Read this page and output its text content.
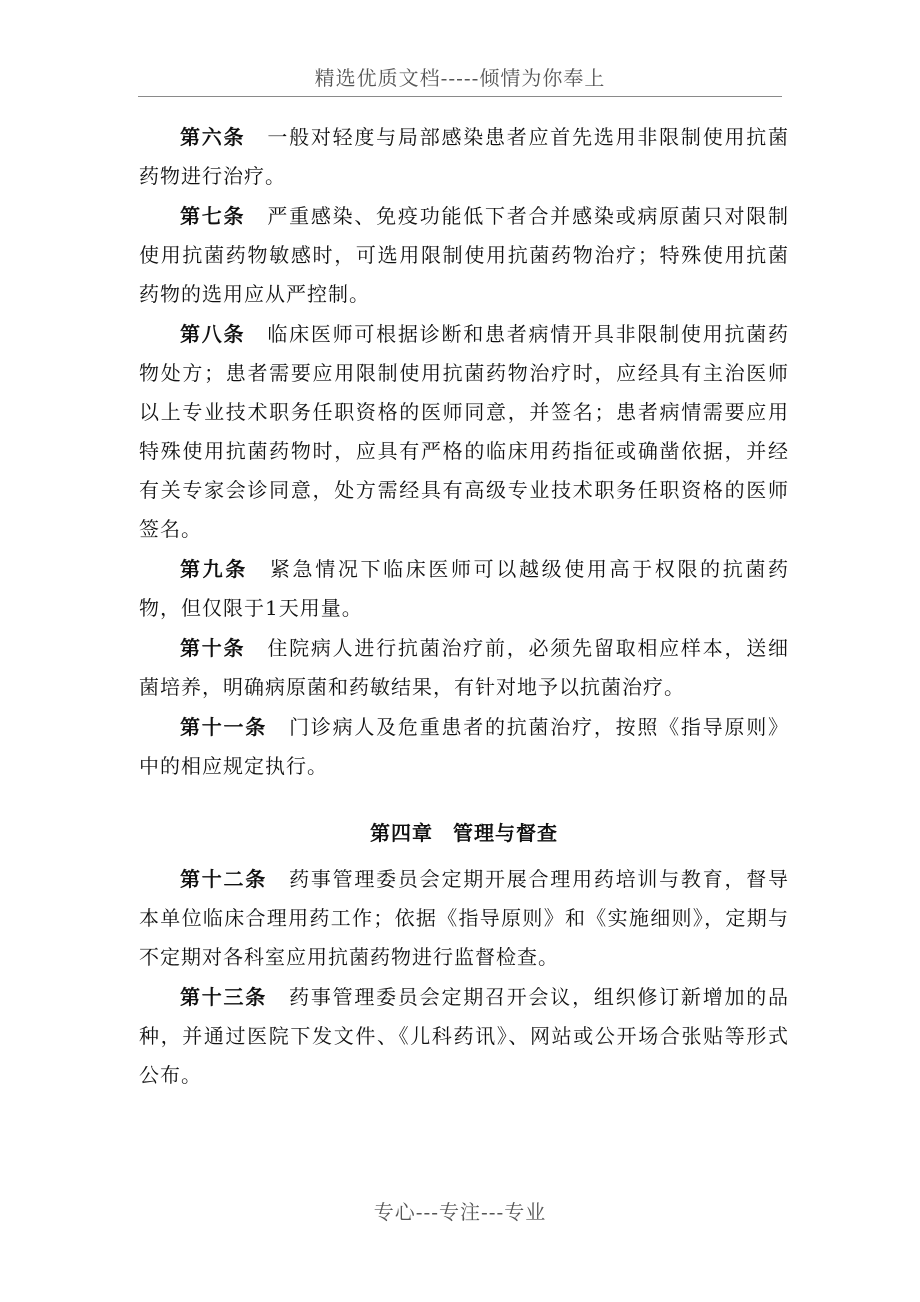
精选优质文档-----倾情为你奉上

第六条 一般对轻度与局部感染患者应首先选用非限制使用抗菌药物进行治疗。

第七条 严重感染、免疫功能低下者合并感染或病原菌只对限制使用抗菌药物敏感时，可选用限制使用抗菌药物治疗；特殊使用抗菌药物的选用应从严控制。

第八条 临床医师可根据诊断和患者病情开具非限制使用抗菌药物处方；患者需要应用限制使用抗菌药物治疗时，应经具有主治医师以上专业技术职务任职资格的医师同意，并签名；患者病情需要应用特殊使用抗菌药物时，应具有严格的临床用药指征或确凿依据，并经有关专家会诊同意，处方需经具有高级专业技术职务任职资格的医师签名。

第九条 紧急情况下临床医师可以越级使用高于权限的抗菌药物，但仅限于1天用量。

第十条 住院病人进行抗菌治疗前，必须先留取相应样本，送细菌培养，明确病原菌和药敏结果，有针对地予以抗菌治疗。

第十一条 门诊病人及危重患者的抗菌治疗，按照《指导原则》中的相应规定执行。

第四章 管理与督查

第十二条 药事管理委员会定期开展合理用药培训与教育，督导本单位临床合理用药工作；依据《指导原则》和《实施细则》，定期与不定期对各科室应用抗菌药物进行监督检查。

第十三条 药事管理委员会定期召开会议，组织修订新增加的品种，并通过医院下发文件、《儿科药讯》、网站或公开场合张贴等形式公布。

专心---专注---专业
